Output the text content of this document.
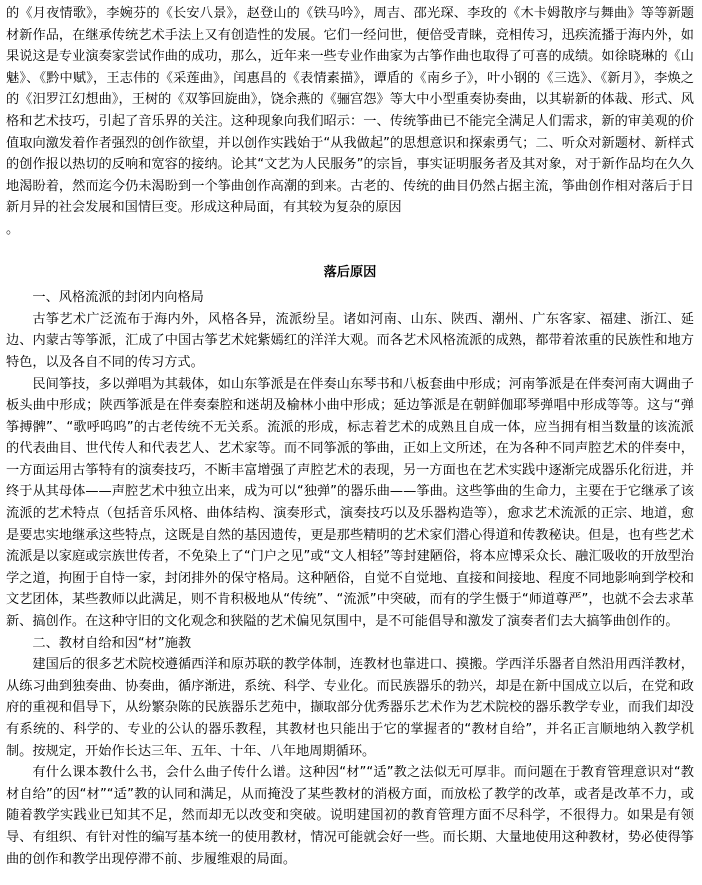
的《月夜情歌》，李婉芬的《长安八景》，赵登山的《铁马吟》，周吉、邵光琛、李玫的《木卡姆散序与舞曲》等等新题材新作品，在继承传统艺术手法上又有创造性的发展。它们一经问世，便倍受青睐，竞相传习，迅疾流播于海内外，如果说这是专业演奏家尝试作曲的成功，那么，近年来一些专业作曲家为古筝作曲也取得了可喜的成绩。如徐晓琳的《山魅》、《黔中赋》，王志伟的《采莲曲》，闰惠昌的《表情素描》，谭盾的《南乡子》，叶小钢的《三选》、《新月》，李焕之的《汨罗江幻想曲》，王树的《双筝回旋曲》，饶余燕的《骊宫怨》等大中小型重奏协奏曲，以其崭新的体裁、形式、风格和艺术技巧，引起了音乐界的关注。这种现象向我们昭示：一、传统筝曲已不能完全满足人们需求，新的审美观的价值取向激发着作者强烈的创作欲望，并以创作实践始于“从我做起”的思想意识和探索勇气；二、听众对新题材、新样式的创作报以热切的反响和宽容的接纳。论其“文艺为人民服务”的宗旨，事实证明服务者及其对象，对于新作品均在久久地渴盼着，然而迄今仍未渴盼到一个筝曲创作高潮的到来。古老的、传统的曲目仍然占据主流，筝曲创作相对落后于日新月异的社会发展和国情巨变。形成这种局面，有其较为复杂的原因
。
落后原因
一、风格流派的封闭内向格局
古筝艺术广泛流布于海内外，风格各异，流派纷呈。诸如河南、山东、陕西、潮州、广东客家、福建、浙江、延边、内蒙古等筝派，汇成了中国古筝艺术姹紫嫣红的洋洋大观。而各艺术风格流派的成熟，都带着浓重的民族性和地方特色，以及各自不同的传习方式。
民间筝技，多以弹唱为其载体，如山东筝派是在伴奏山东琴书和八板套曲中形成；河南筝派是在伴奏河南大调曲子板头曲中形成；陕西筝派是在伴奏秦腔和迷胡及榆林小曲中形成；延边筝派是在朝鲜伽耶琴弹唱中形成等等。这与“弹筝搏髀”、“歌呼呜呜”的古老传统不无关系。流派的形成，标志着艺术的成熟且自成一体，应当拥有相当数量的该流派的代表曲目、世代传人和代表艺人、艺术家等。而不同筝派的筝曲，正如上文所述，在为各种不同声腔艺术的伴奏中，一方面运用古筝特有的演奏技巧，不断丰富增强了声腔艺术的表现，另一方面也在艺术实践中逐渐完成器乐化衍进，并终于从其母体——声腔艺术中独立出来，成为可以“独弹”的器乐曲——筝曲。这些筝曲的生命力，主要在于它继承了该流派的艺术特点（包括音乐风格、曲体结构、演奏形式，演奏技巧以及乐器构造等），愈求艺术流派的正宗、地道，愈是要忠实地继承这些特点，这既是自然的基因遗传，更是那些精明的艺术家们潜心得道和传教秘诀。但是，也有些艺术流派是以家庭或宗族世传者，不免染上了“门户之见”或“文人相轻”等封建陋俗，将本应博采众长、融汇吸收的开放型治学之道，拘囿于自恃一家，封闭排外的保守格局。这种陋俗，自觉不自觉地、直接和间接地、程度不同地影响到学校和文艺团体，某些教师以此满足，则不肯积极地从“传统”、“流派”中突破，而有的学生慑于“师道尊严”，也就不会去求革新、搞创作。在这种守旧的文化观念和狭隘的艺术偏见氛围中，是不可能倡导和激发了演奏者们去大搞筝曲创作的。
二、教材自给和因“材”施教
建国后的很多艺术院校遵循西洋和原苏联的教学体制，连教材也靠进口、摸搬。学西洋乐器者自然沿用西洋教材，从练习曲到独奏曲、协奏曲，循序渐进，系统、科学、专业化。而民族器乐的勃兴，却是在新中国成立以后，在党和政府的重视和倡导下，从纷繁杂陈的民族器乐艺苑中，撷取部分优秀器乐艺术作为艺术院校的器乐教学专业，而我们却没有系统的、科学的、专业的公认的器乐教程，其教材也只能出于它的掌握者的“教材自给”，并名正言顺地纳入教学机制。按规定，开始作长达三年、五年、十年、八年地周期循环。
有什么课本教什么书，会什么曲子传什么谱。这种因“材”“适”教之法似无可厚非。而问题在于教育管理意识对“教材自给”的因“材”“适”教的认同和满足，从而掩没了某些教材的消极方面，而放松了教学的改革，或者是改革不力，或随着教学实践业已知其不足，然而却无以改变和突破。说明建国初的教育管理方面不尽科学，不很得力。如果是有领导、有组织、有针对性的编写基本统一的使用教材，情况可能就会好一些。而长期、大量地使用这种教材，势必使得筝曲的创作和教学出现停滞不前、步履维艰的局面。
